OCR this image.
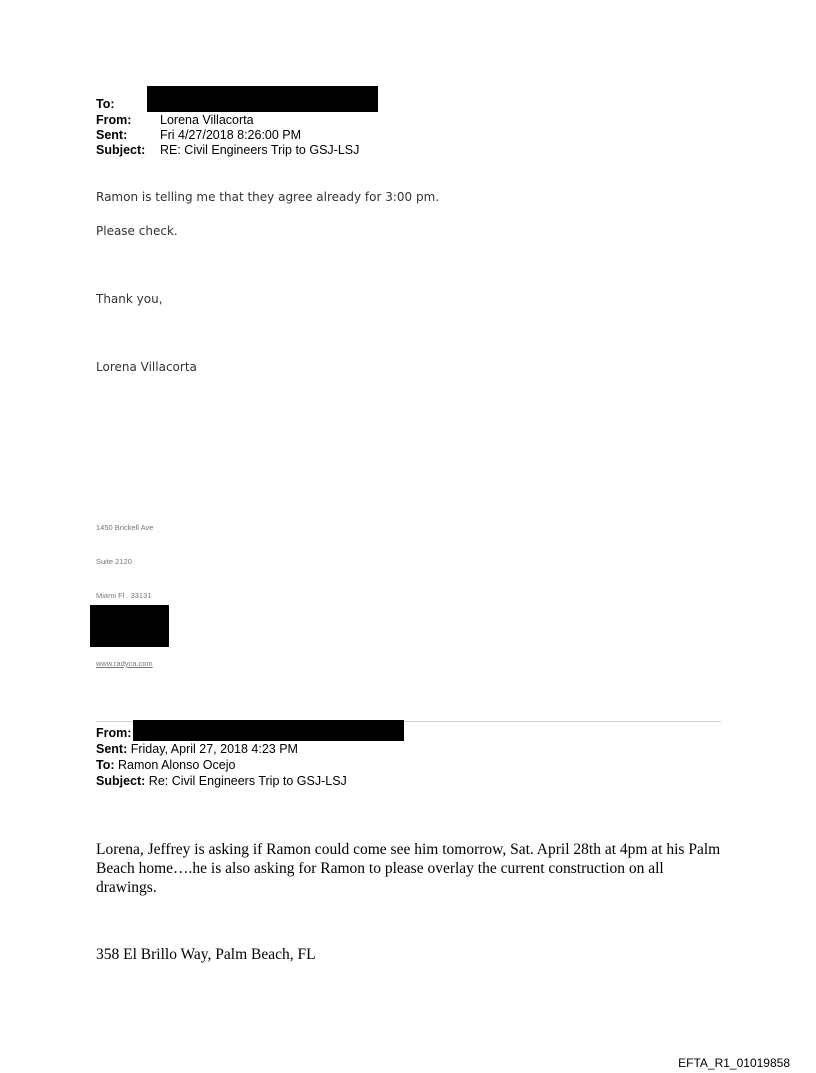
To:
From: Lorena Villacorta
Sent:	Fri 4/27/2018 8:26:00 PM
Subject: RE: Civil Engineers Trip to GSJ-LSJ
Ramon is telling me that they agree already for 3:00 pm.
Please check.
Thank you,
Lorena Villacorta
1450 Brickell Ave
Suite 2120
Miami Fl . 33131
www.radyca.com
From:
Sent: Friday, April 27, 2018 4:23 PM
To: Ramon Alonso Ocejo
Subject: Re: Civil Engineers Trip to GSJ-LSJ
Lorena, Jeffrey is asking if Ramon could come see him tomorrow, Sat. April 28th at 4pm at his Palm Beach home….he is also asking for Ramon to please overlay the current construction on all drawings.
358 El Brillo Way, Palm Beach, FL
EFTA_R1_01019858
